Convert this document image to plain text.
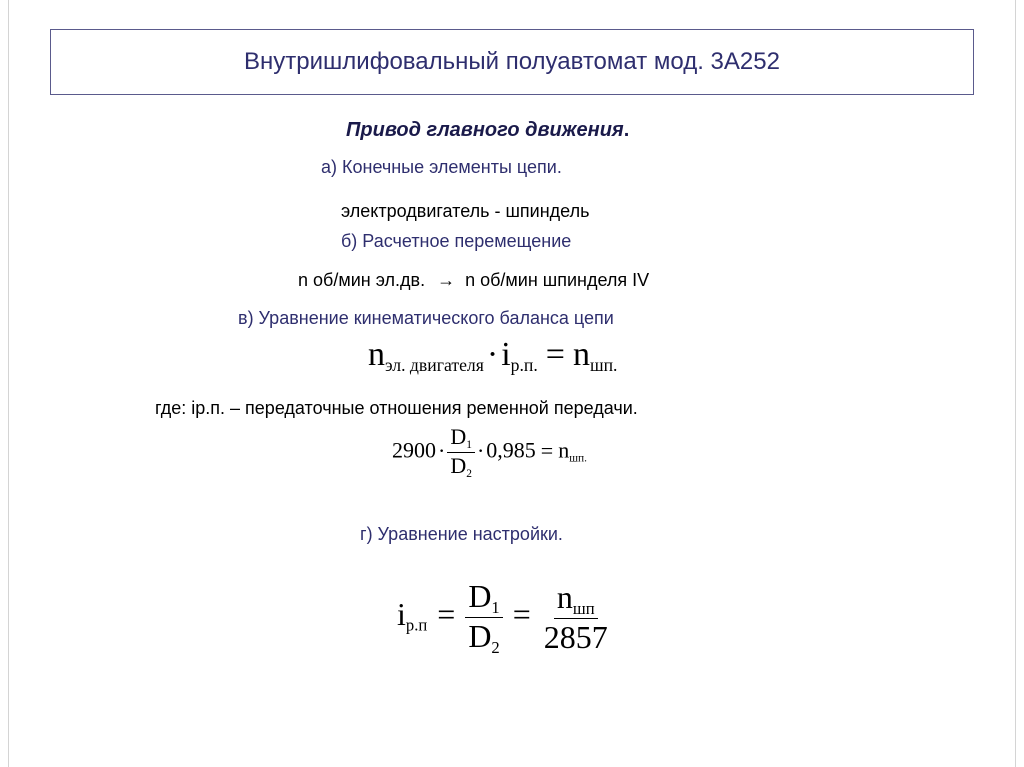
Внутришлифовальный полуавтомат мод. 3А252
Привод главного движения.
а) Конечные элементы цепи.
электродвигатель - шпиндель
б) Расчетное перемещение
n об/мин эл.дв. → n об/мин шпинделя IV
в) Уравнение кинематического баланса цепи
$n_{эл. двигателя}\cdot i_{р.п.} = n_{шп.}$
где: iр.п. – передаточные отношения ременной передачи.
$2900\cdot \frac{D_1}{D_2} \cdot 0,985 = n_{шп.}$
г) Уравнение настройки.
$i_{р.п} = \frac{D_1}{D_2} = \frac{n_{шп}}{2857}$
